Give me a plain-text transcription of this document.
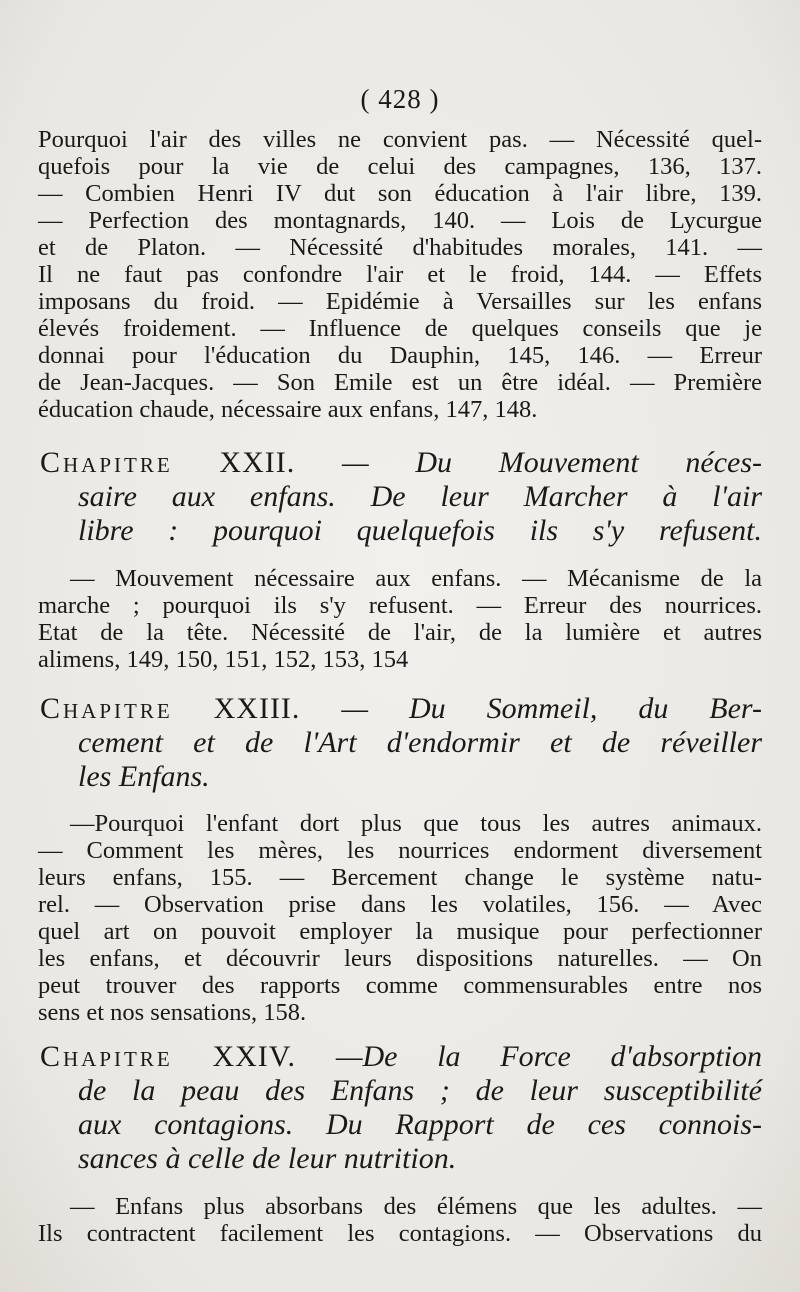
( 428 )
Pourquoi l'air des villes ne convient pas. — Nécessité quel-
quefois pour la vie de celui des campagnes, 136, 137.
— Combien Henri IV dut son éducation à l'air libre, 139.
— Perfection des montagnards, 140. — Lois de Lycurgue
et de Platon. — Nécessité d'habitudes morales, 141. —
Il ne faut pas confondre l'air et le froid, 144. — Effets
imposans du froid. — Epidémie à Versailles sur les enfans
élevés froidement. — Influence de quelques conseils que je
donnai pour l'éducation du Dauphin, 145, 146. — Erreur
de Jean-Jacques. — Son Emile est un être idéal. — Première
éducation chaude, nécessaire aux enfans, 147, 148.
Chapitre XXII. — Du Mouvement néces-
saire aux enfans. De leur Marcher à l'air
libre : pourquoi quelquefois ils s'y refusent.
— Mouvement nécessaire aux enfans. — Mécanisme de la
marche ; pourquoi ils s'y refusent. — Erreur des nourrices.
Etat de la tête. Nécessité de l'air, de la lumière et autres
alimens, 149, 150, 151, 152, 153, 154
Chapitre XXIII. — Du Sommeil, du Ber-
cement et de l'Art d'endormir et de réveiller
les Enfans.
—Pourquoi l'enfant dort plus que tous les autres animaux.
— Comment les mères, les nourrices endorment diversement
leurs enfans, 155. — Bercement change le système natu-
rel. — Observation prise dans les volatiles, 156. — Avec
quel art on pouvoit employer la musique pour perfectionner
les enfans, et découvrir leurs dispositions naturelles. — On
peut trouver des rapports comme commensurables entre nos
sens et nos sensations, 158.
Chapitre XXIV. —De la Force d'absorption
de la peau des Enfans ; de leur susceptibilité
aux contagions. Du Rapport de ces connois-
sances à celle de leur nutrition.
— Enfans plus absorbans des élémens que les adultes. —
Ils contractent facilement les contagions. — Observations du
